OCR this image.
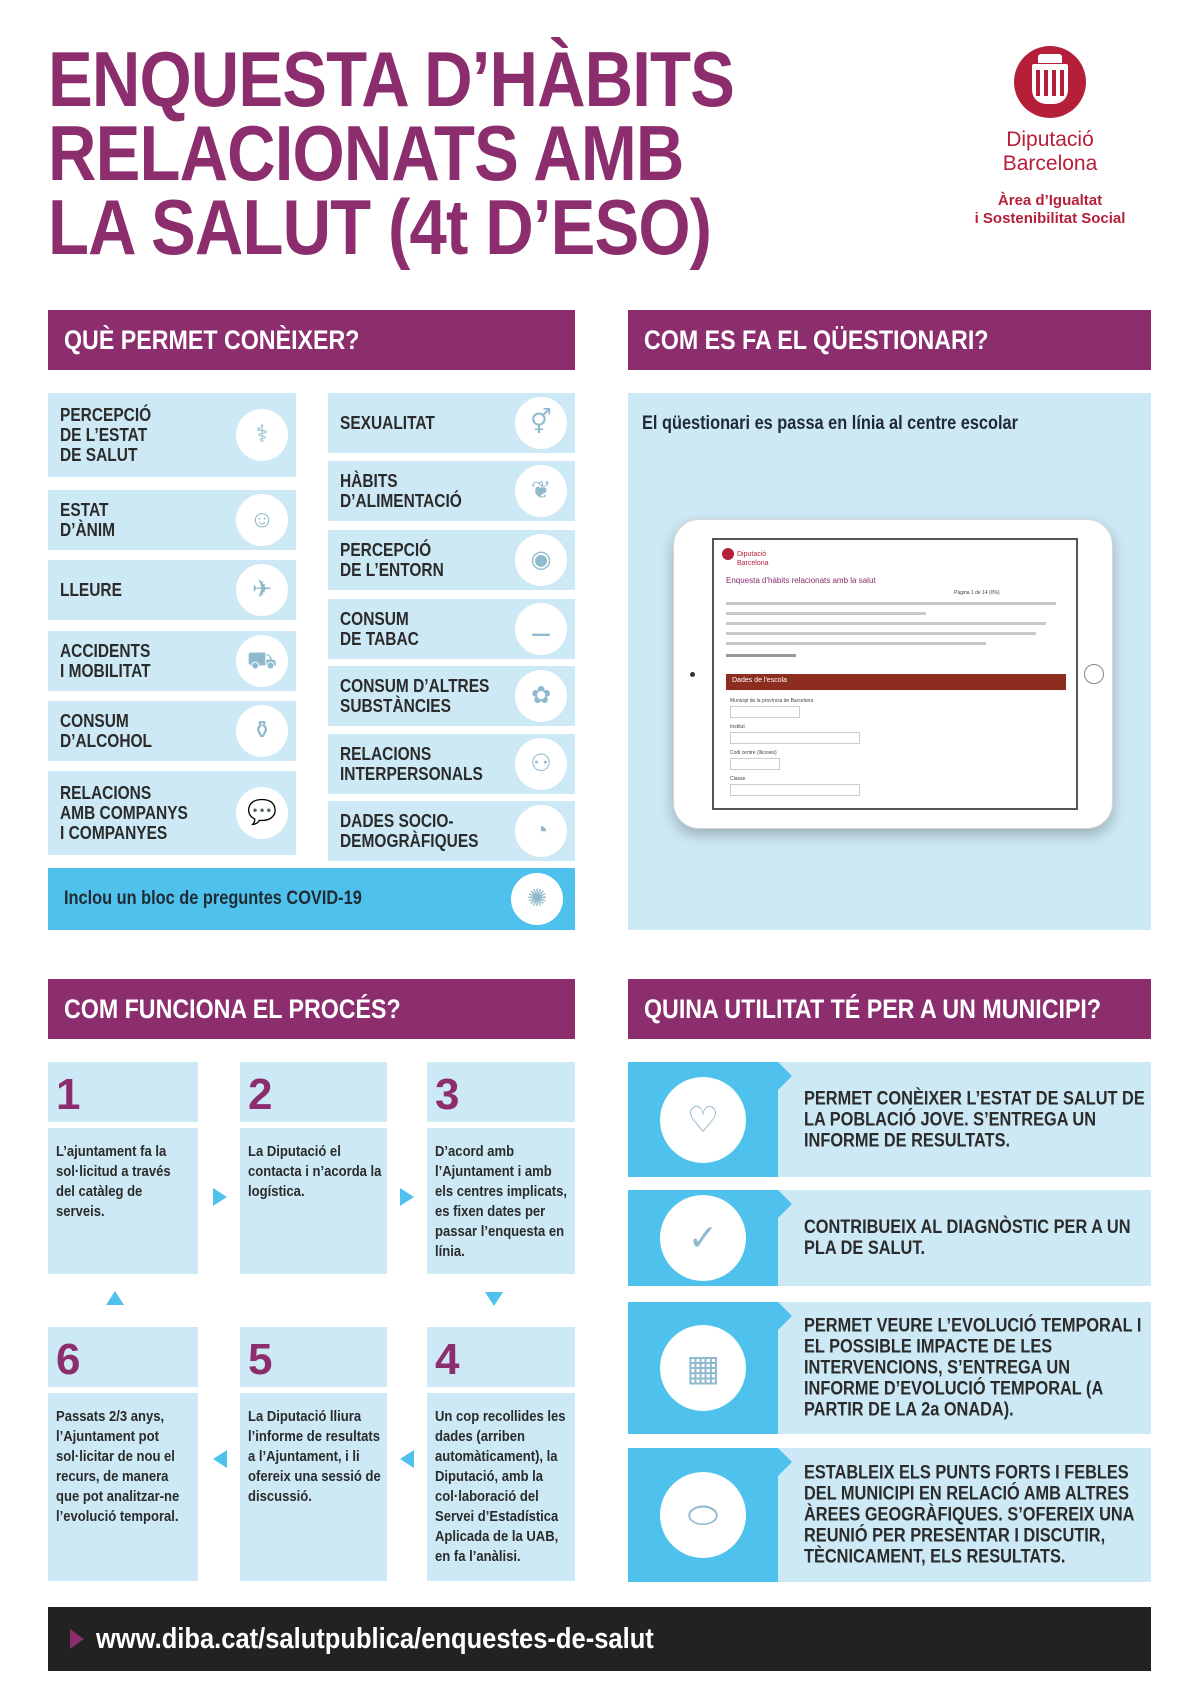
ENQUESTA D’HÀBITS
RELACIONATS AMB
LA SALUT (4t D’ESO)
Diputació
Barcelona
Àrea d’Igualtat
i Sostenibilitat Social
QUÈ PERMET CONÈIXER?	COM ES FA EL QÜESTIONARI?
COM FUNCIONA EL PROCÉS?	QUINA UTILITAT TÉ PER A UN MUNICIPI?
PERCEPCIÓ
DE L’ESTAT
DE SALUT
⚕
ESTAT
D’ÀNIM	☺
LLEURE	✈
ACCIDENTS
I MOBILITAT	⛟
CONSUM
D’ALCOHOL	⚱
RELACIONS
AMB COMPANYS
I COMPANYES
💬
SEXUALITAT	⚥
HÀBITS
D’ALIMENTACIÓ	❦
PERCEPCIÓ
DE L’ENTORN	◉
CONSUM
DE TABAC	⚊
CONSUM D’ALTRES
SUBSTÀNCIES	✿
RELACIONS
INTERPERSONALS	⚇
DADES SOCIO-
DEMOGRÀFIQUES	◔
Inclou un bloc de preguntes COVID-19	✺
El qüestionari es passa en línia al centre escolar
Diputació
Barcelona
Enquesta d'hàbits relacionats amb la salut
Pàgina 1 de 14 (0%)
Dades de l'escola
Municipi de la província de Barcelona
Institut
Codi centre (llicoses)
Classe
1
L’ajuntament fa la sol·licitud a través del catàleg de serveis.
2
La Diputació el contacta i n’acorda la logística.
3
D’acord amb l’Ajuntament i amb els centres implicats, es fixen dates per passar l’enquesta en línia.
6
Passats 2/3 anys, l’Ajuntament pot sol·licitar de nou el recurs, de manera que pot analitzar-ne l’evolució temporal.
5
La Diputació lliura l’informe de resultats a l’Ajuntament, i li ofereix una sessió de discussió.
4
Un cop recollides les dades (arriben automàticament), la Diputació, amb la col·laboració del Servei d’Estadística Aplicada de la UAB, en fa l’anàlisi.
♡	PERMET CONÈIXER L’ESTAT DE SALUT DE LA POBLACIÓ JOVE. S’ENTREGA UN INFORME DE RESULTATS.
✓	CONTRIBUEIX AL DIAGNÒSTIC PER A UN PLA DE SALUT.
▦
PERMET VEURE L’EVOLUCIÓ TEMPORAL I EL POSSIBLE IMPACTE DE LES INTERVENCIONS, S’ENTREGA UN INFORME D’EVOLUCIÓ TEMPORAL (A PARTIR DE LA 2a ONADA).
⬭
ESTABLEIX ELS PUNTS FORTS I FEBLES DEL MUNICIPI EN RELACIÓ AMB ALTRES ÀREES GEOGRÀFIQUES. S’OFEREIX UNA REUNIÓ PER PRESENTAR I DISCUTIR, TÈCNICAMENT, ELS RESULTATS.
www.diba.cat/salutpublica/enquestes-de-salut
